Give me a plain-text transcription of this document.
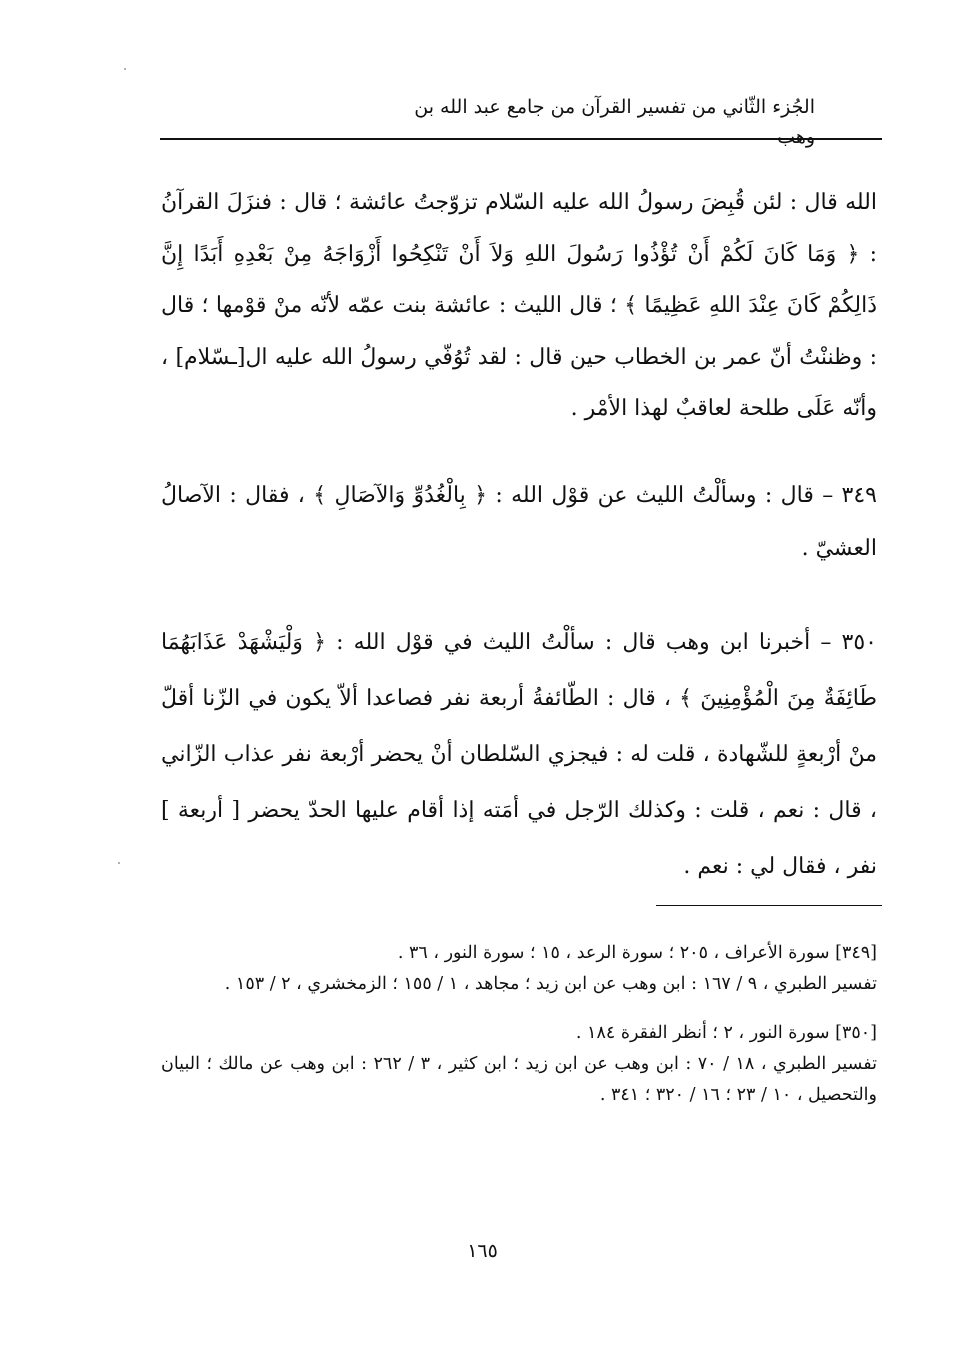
الجُزء الثّاني من تفسير القرآن من جامع عبد الله بن وهب

الله قال : لئن قُبِضَ رسولُ الله عليه السّلام تزوّجتُ عائشة ؛ قال : فنزَلَ القرآنُ : ﴿ وَمَا كَانَ لَكُمْ أَنْ تُؤْذُوا رَسُولَ اللهِ وَلاَ أَنْ تَنْكِحُوا أَزْوَاجَهُ مِنْ بَعْدِهِ أَبَدًا إِنَّ ذَالِكُمْ كَانَ عِنْدَ اللهِ عَظِيمًا ﴾ ؛ قال الليث : عائشة بنت عمّه لأنّه منْ قوْمها ؛ قال : وظننْتُ أنّ عمر بن الخطاب حين قال : لقد تُوُفّي رسولُ الله عليه ال[ـسّلام] ، وأنّه عَلَى طلحة لعاقبٌ لهذا الأمْر .

٣٤٩ – قال : وسألْتُ الليث عن قوْل الله : ﴿ بِالْغُدُوِّ وَالآصَالِ ﴾ ، فقال : الآصالُ العشيّ .

٣٥٠ – أخبرنا ابن وهب قال : سألْتُ الليث في قوْل الله : ﴿ وَلْيَشْهَدْ عَذَابَهُمَا طَائِفَةٌ مِنَ الْمُؤْمِنِينَ ﴾ ، قال : الطّائفةُ أربعة نفر فصاعدا ألاّ يكون في الزّنا أقلّ منْ أرْبعةٍ للشّهادة ، قلت له : فيجزي السّلطان أنْ يحضر أرْبعة نفر عذاب الزّاني ، قال : نعم ، قلت : وكذلك الرّجل في أمَته إذا أقام عليها الحدّ يحضر [ أربعة ] نفر ، فقال لي : نعم .

[٣٤٩] سورة الأعراف ، ٢٠٥ ؛ سورة الرعد ، ١٥ ؛ سورة النور ، ٣٦ .

تفسير الطبري ، ٩ / ١٦٧ : ابن وهب عن ابن زيد ؛ مجاهد ، ١ / ١٥٥ ؛ الزمخشري ، ٢ / ١٥٣ .

[٣٥٠] سورة النور ، ٢ ؛ أنظر الفقرة ١٨٤ .

تفسير الطبري ، ١٨ / ٧٠ : ابن وهب عن ابن زيد ؛ ابن كثير ، ٣ / ٢٦٢ : ابن وهب عن مالك ؛ البيان والتحصيل ، ١٠ / ٢٣ ؛ ١٦ / ٣٢٠ ؛ ٣٤١ .

١٦٥
